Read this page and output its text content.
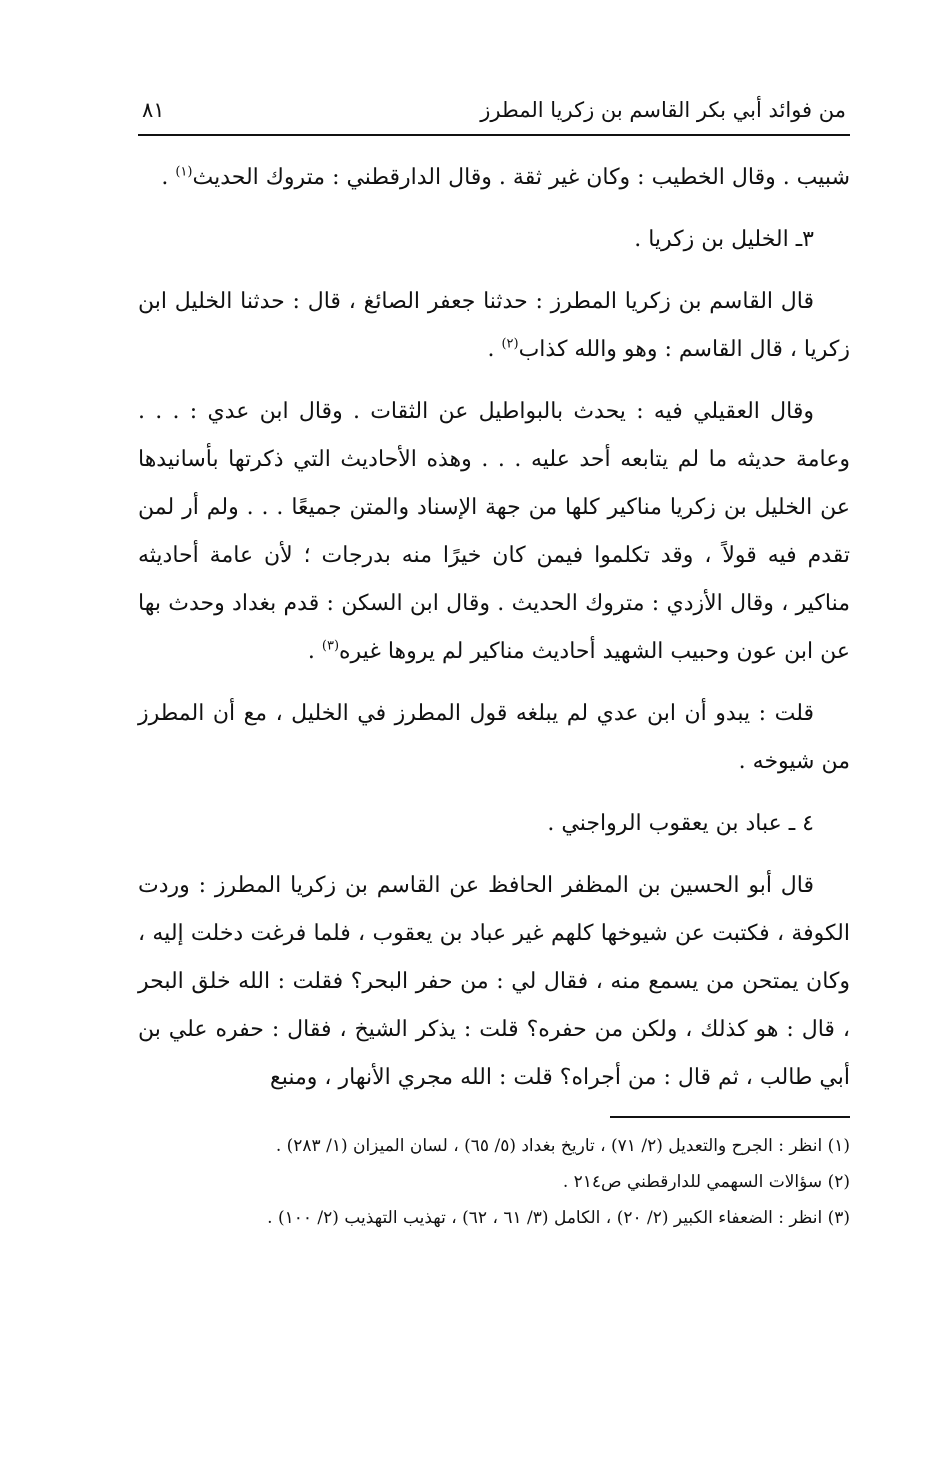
من فوائد أبي بكر القاسم بن زكريا المطرز
٨١

شبيب . وقال الخطيب : وكان غير ثقة . وقال الدارقطني : متروك الحديث$^{(١)}$ .

٣ـ الخليل بن زكريا .

قال القاسم بن زكريا المطرز : حدثنا جعفر الصائغ ، قال : حدثنا الخليل ابن زكريا ، قال القاسم : وهو والله كذاب$^{(٢)}$ .

وقال العقيلي فيه : يحدث بالبواطيل عن الثقات . وقال ابن عدي : . . . وعامة حديثه ما لم يتابعه أحد عليه . . . وهذه الأحاديث التي ذكرتها بأسانيدها عن الخليل بن زكريا مناكير كلها من جهة الإسناد والمتن جميعًا . . . ولم أر لمن تقدم فيه قولاً ، وقد تكلموا فيمن كان خيرًا منه بدرجات ؛ لأن عامة أحاديثه مناكير ، وقال الأزدي : متروك الحديث . وقال ابن السكن : قدم بغداد وحدث بها عن ابن عون وحبيب الشهيد أحاديث مناكير لم يروها غيره$^{(٣)}$ .

قلت : يبدو أن ابن عدي لم يبلغه قول المطرز في الخليل ، مع أن المطرز من شيوخه .

٤ ـ عباد بن يعقوب الرواجني .

قال أبو الحسين بن المظفر الحافظ عن القاسم بن زكريا المطرز : وردت الكوفة ، فكتبت عن شيوخها كلهم غير عباد بن يعقوب ، فلما فرغت دخلت إليه ، وكان يمتحن من يسمع منه ، فقال لي : من حفر البحر؟ فقلت : الله خلق البحر ، قال : هو كذلك ، ولكن من حفره؟ قلت : يذكر الشيخ ، فقال : حفره علي بن أبي طالب ، ثم قال : من أجراه؟ قلت : الله مجري الأنهار ، ومنبع

(١) انظر : الجرح والتعديل (٢/ ٧١) ، تاريخ بغداد (٥/ ٦٥) ، لسان الميزان (١/ ٢٨٣) .

(٢) سؤالات السهمي للدارقطني ص٢١٤ .

(٣) انظر : الضعفاء الكبير (٢/ ٢٠) ، الكامل (٣/ ٦١ ، ٦٢) ، تهذيب التهذيب (٢/ ١٠٠) .
